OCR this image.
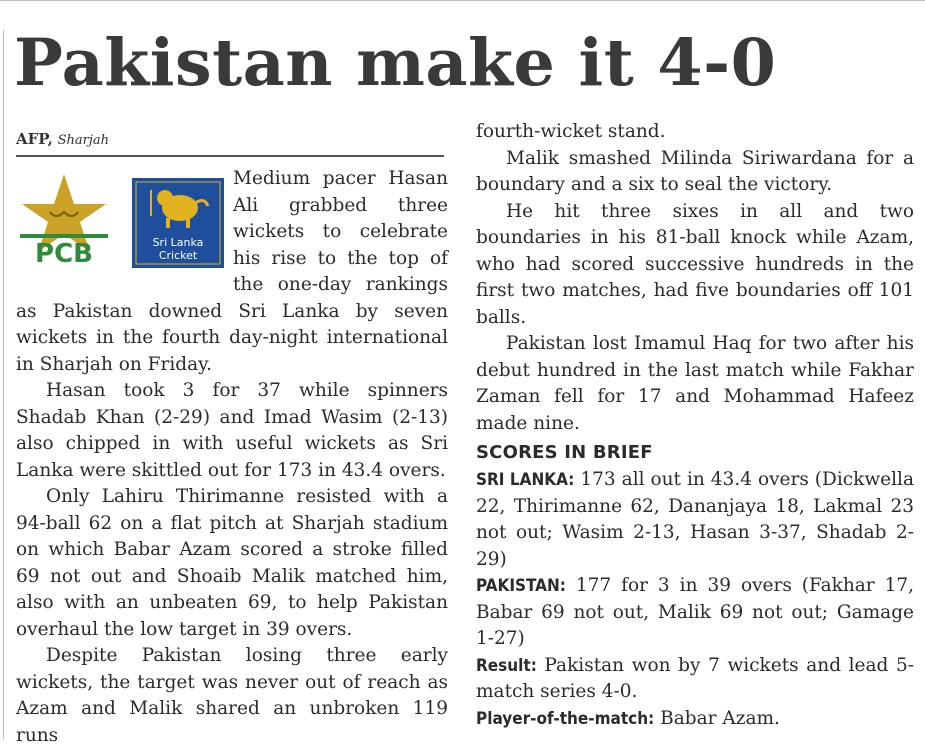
Pakistan make it 4-0
AFP, Sharjah
PCB	Sri Lanka
Cricket

Medium pacer Hasan Ali grabbed three wickets to celebrate his rise to the top of the one-day rankings as Pakistan downed Sri Lanka by seven wickets in the fourth day-night international in Sharjah on Friday.

Hasan took 3 for 37 while spinners Shadab Khan (2-29) and Imad Wasim (2-13) also chipped in with useful wickets as Sri Lanka were skittled out for 173 in 43.4 overs.

Only Lahiru Thirimanne resisted with a 94-ball 62 on a flat pitch at Sharjah stadium on which Babar Azam scored a stroke filled 69 not out and Shoaib Malik matched him, also with an unbeaten 69, to help Pakistan overhaul the low target in 39 overs.

Despite Pakistan losing three early wickets, the target was never out of reach as Azam and Malik shared an unbroken 119 runs

fourth-wicket stand.

Malik smashed Milinda Siriwardana for a boundary and a six to seal the victory.

He hit three sixes in all and two boundaries in his 81-ball knock while Azam, who had scored successive hundreds in the first two matches, had five boundaries off 101 balls.

Pakistan lost Imamul Haq for two after his debut hundred in the last match while Fakhar Zaman fell for 17 and Mohammad Hafeez made nine.

SCORES IN BRIEF

SRI LANKA: 173 all out in 43.4 overs (Dickwella 22, Thirimanne 62, Dananjaya 18, Lakmal 23 not out; Wasim 2-13, Hasan 3-37, Shadab 2-29)

PAKISTAN: 177 for 3 in 39 overs (Fakhar 17, Babar 69 not out, Malik 69 not out; Gamage 1-27)

Result: Pakistan won by 7 wickets and lead 5-match series 4-0.

Player-of-the-match: Babar Azam.
